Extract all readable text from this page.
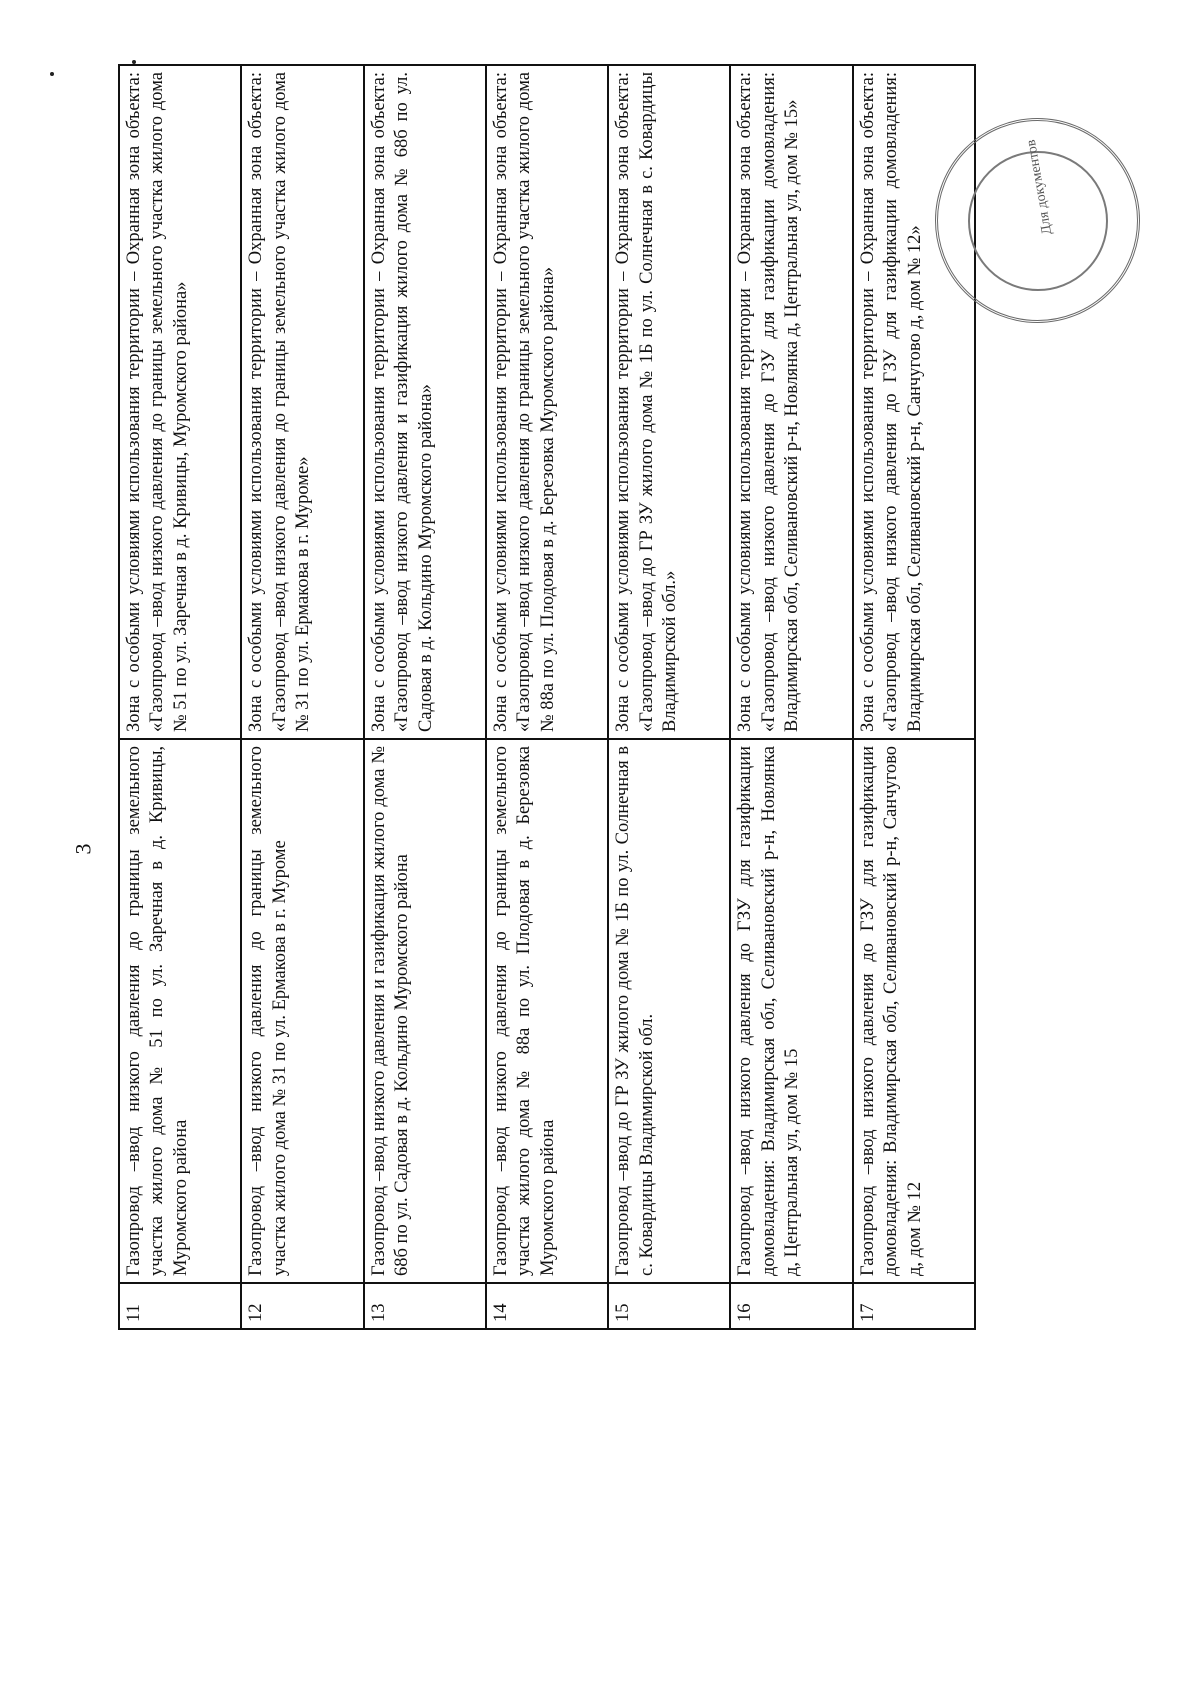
3
11	Газопровод –ввод низкого давления до границы земельного участка жилого дома № 51 по ул. Заречная в д. Кривицы, Муромского района	Зона с особыми условиями использования территории – Охранная зона объекта: «Газопровод –ввод низкого давления до границы земельного участка жилого дома № 51 по ул. Заречная в д. Кривицы, Муромского района»
12	Газопровод –ввод низкого давления до границы земельного участка жилого дома № 31 по ул. Ермакова в г. Муроме	Зона с особыми условиями использования территории – Охранная зона объекта: «Газопровод –ввод низкого давления до границы земельного участка жилого дома № 31 по ул. Ермакова в г. Муроме»
13	Газопровод –ввод низкого давления и газификация жилого дома № 68б по ул. Садовая в д. Кольдино Муромского района	Зона с особыми условиями использования территории – Охранная зона объекта: «Газопровод –ввод низкого давления и газификация жилого дома № 68б по ул. Садовая в д. Кольдино Муромского района»
14	Газопровод –ввод низкого давления до границы земельного участка жилого дома № 88а по ул. Плодовая в д. Березовка Муромского района	Зона с особыми условиями использования территории – Охранная зона объекта: «Газопровод –ввод низкого давления до границы земельного участка жилого дома № 88а по ул. Плодовая в д. Березовка Муромского района»
15	Газопровод –ввод до ГР ЗУ жилого дома № 1Б по ул. Солнечная в с. Ковардицы Владимирской обл.	Зона с особыми условиями использования территории – Охранная зона объекта: «Газопровод –ввод до ГР ЗУ жилого дома № 1Б по ул. Солнечная в с. Ковардицы Владимирской обл.»
16	Газопровод –ввод низкого давления до ГЗУ для газификации домовладения: Владимирская обл, Селивановский р-н, Новлянка д, Центральная ул, дом № 15	Зона с особыми условиями использования территории – Охранная зона объекта: «Газопровод –ввод низкого давления до ГЗУ для газификации домовладения: Владимирская обл, Селивановский р-н, Новлянка д, Центральная ул, дом № 15»
17	Газопровод –ввод низкого давления до ГЗУ для газификации домовладения: Владимирская обл, Селивановский р-н, Санчугово д, дом № 12	Зона с особыми условиями использования территории – Охранная зона объекта: «Газопровод –ввод низкого давления до ГЗУ для газификации домовладения: Владимирская обл, Селивановский р-н, Санчугово д, дом № 12»
Для документов
